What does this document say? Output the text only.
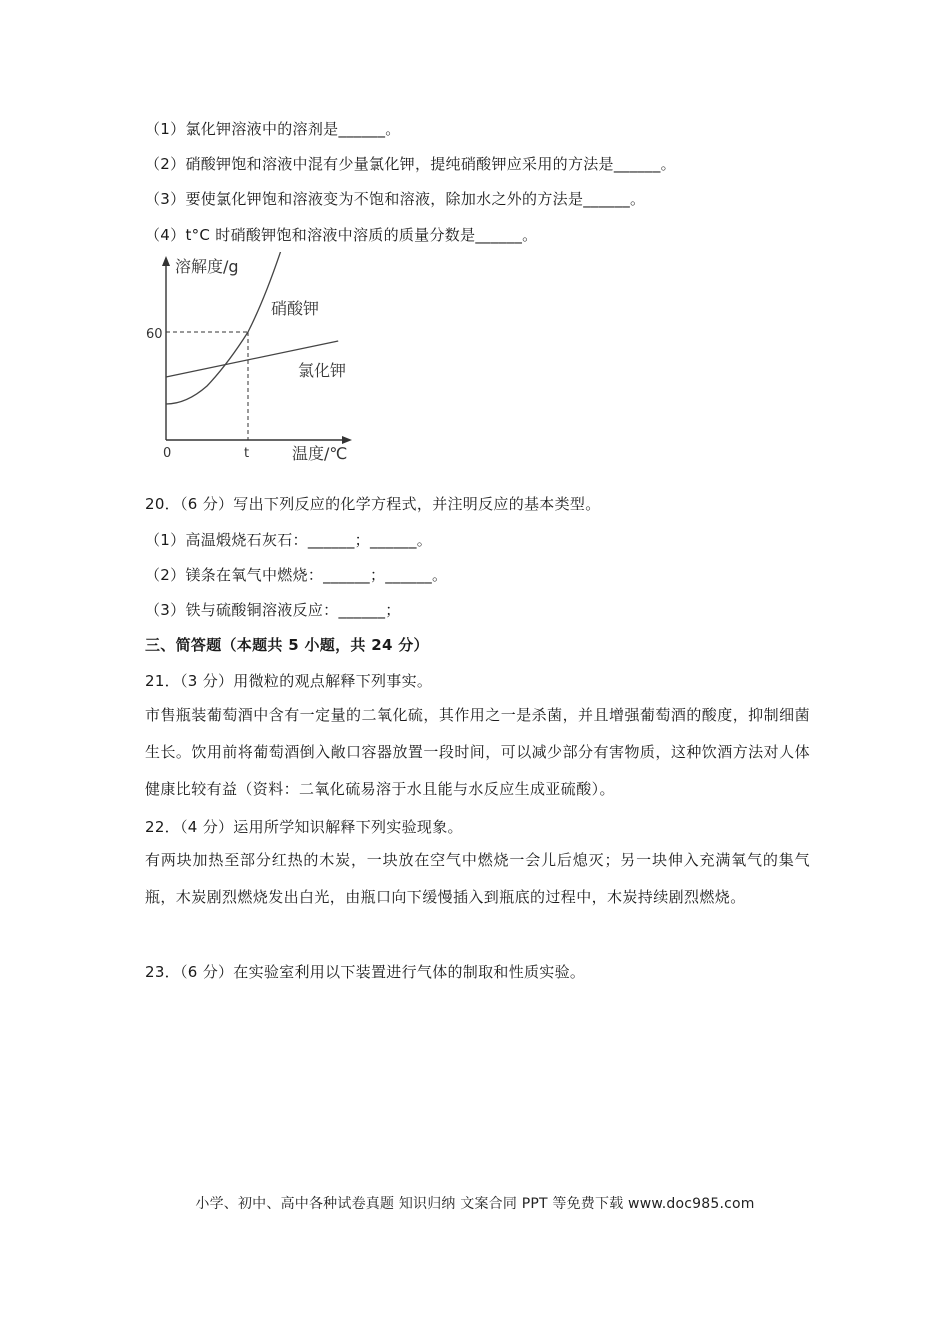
（1）氯化钾溶液中的溶剂是______。
（2）硝酸钾饱和溶液中混有少量氯化钾，提纯硝酸钾应采用的方法是______。
（3）要使氯化钾饱和溶液变为不饱和溶液，除加水之外的方法是______。
（4）t°C 时硝酸钾饱和溶液中溶质的质量分数是______。
溶解度/g
温度/℃
0	t
60
硝酸钾
氯化钾
20．（6 分）写出下列反应的化学方程式，并注明反应的基本类型。
（1）高温煅烧石灰石：______；______。
（2）镁条在氧气中燃烧：______；______。
（3）铁与硫酸铜溶液反应：______；
三、简答题（本题共 5 小题，共 24 分）
21．（3 分）用微粒的观点解释下列事实。
市售瓶装葡萄酒中含有一定量的二氧化硫，其作用之一是杀菌，并且增强葡萄酒的酸度，抑制细菌生长。饮用前将葡萄酒倒入敞口容器放置一段时间，可以减少部分有害物质，这种饮酒方法对人体健康比较有益（资料：二氧化硫易溶于水且能与水反应生成亚硫酸）。
22．（4 分）运用所学知识解释下列实验现象。
有两块加热至部分红热的木炭，一块放在空气中燃烧一会儿后熄灭；另一块伸入充满氧气的集气瓶，木炭剧烈燃烧发出白光，由瓶口向下缓慢插入到瓶底的过程中，木炭持续剧烈燃烧。
23．（6 分）在实验室利用以下装置进行气体的制取和性质实验。
小学、初中、高中各种试卷真题 知识归纳 文案合同 PPT 等免费下载 www.doc985.com
